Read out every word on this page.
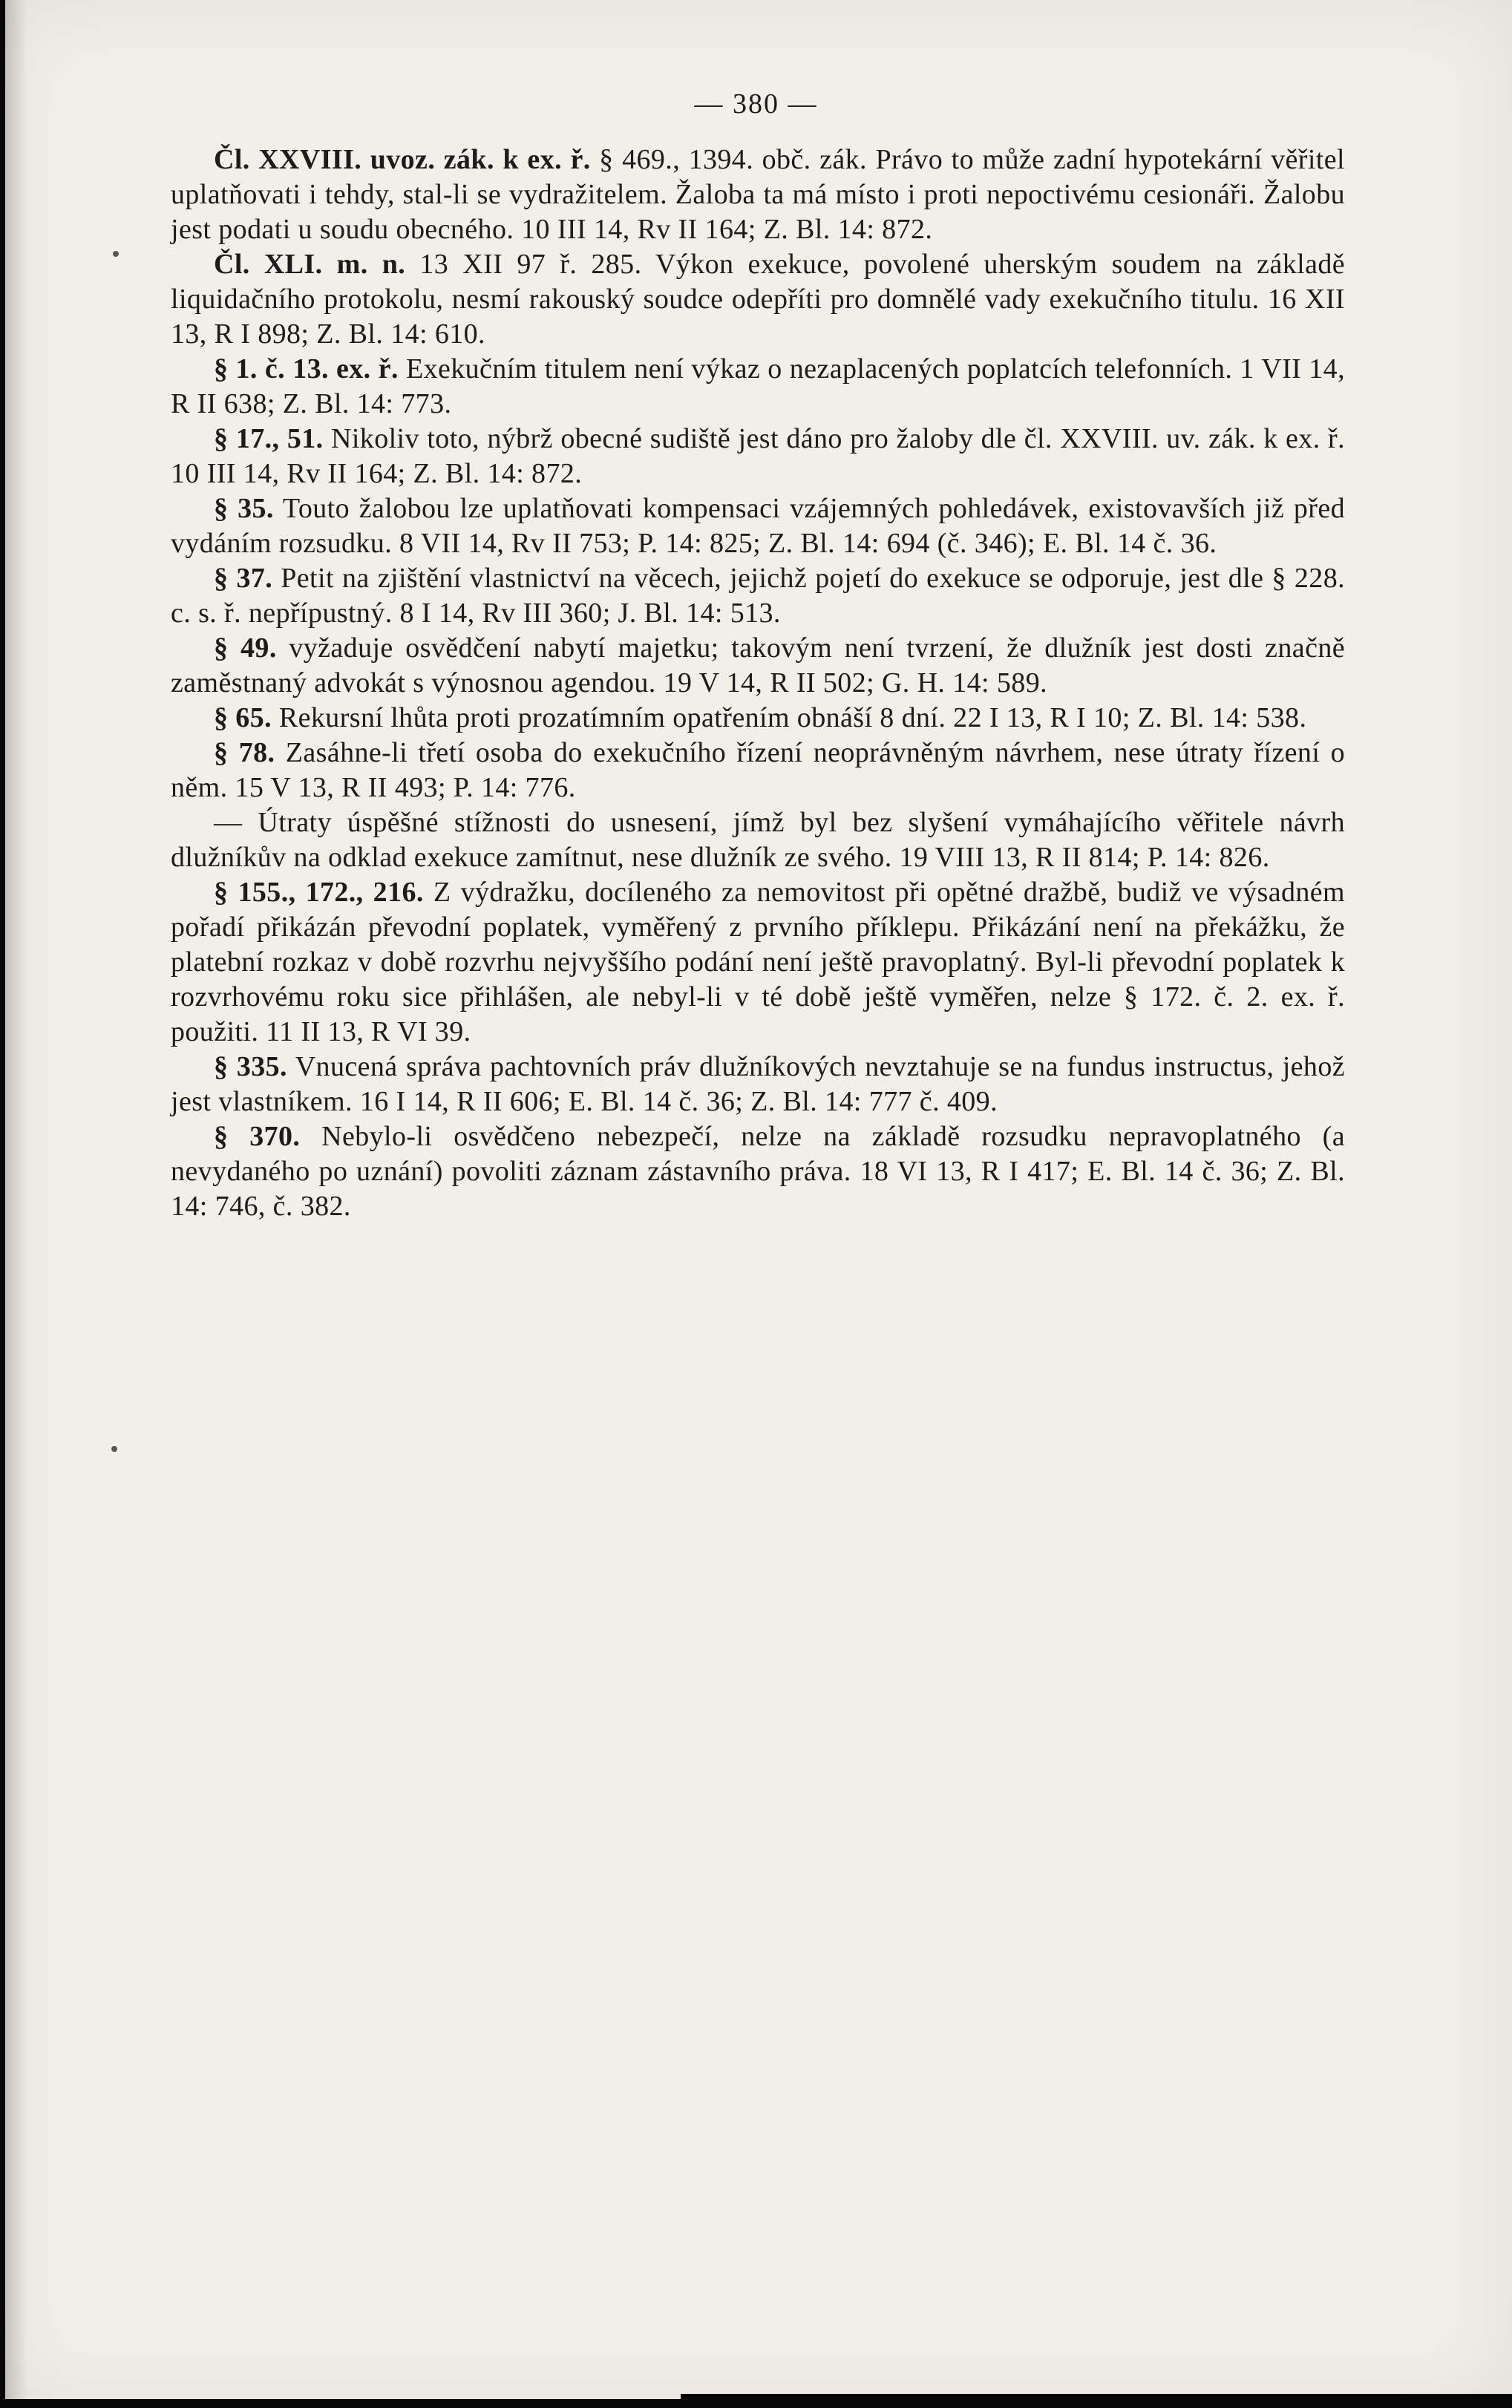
— 380 —

Čl. XXVIII. uvoz. zák. k ex. ř. § 469., 1394. obč. zák. Právo to může zadní hypotekární věřitel uplatňovati i tehdy, stal-li se vydražitelem. Žaloba ta má místo i proti nepoctivému cesionáři. Žalobu jest podati u soudu obecného. 10 III 14, Rv II 164; Z. Bl. 14: 872.

Čl. XLI. m. n. 13 XII 97 ř. 285. Výkon exekuce, povolené uherským soudem na základě liquidačního protokolu, nesmí rakouský soudce odepříti pro domnělé vady exekučního titulu. 16 XII 13, R I 898; Z. Bl. 14: 610.

§ 1. č. 13. ex. ř. Exekučním titulem není výkaz o nezaplacených poplatcích telefonních. 1 VII 14, R II 638; Z. Bl. 14: 773.

§ 17., 51. Nikoliv toto, nýbrž obecné sudiště jest dáno pro žaloby dle čl. XXVIII. uv. zák. k ex. ř. 10 III 14, Rv II 164; Z. Bl. 14: 872.

§ 35. Touto žalobou lze uplatňovati kompensaci vzájemných pohledávek, existovavších již před vydáním rozsudku. 8 VII 14, Rv II 753; P. 14: 825; Z. Bl. 14: 694 (č. 346); E. Bl. 14 č. 36.

§ 37. Petit na zjištění vlastnictví na věcech, jejichž pojetí do exekuce se odporuje, jest dle § 228. c. s. ř. nepřípustný. 8 I 14, Rv III 360; J. Bl. 14: 513.

§ 49. vyžaduje osvědčení nabytí majetku; takovým není tvrzení, že dlužník jest dosti značně zaměstnaný advokát s výnosnou agendou. 19 V 14, R II 502; G. H. 14: 589.

§ 65. Rekursní lhůta proti prozatímním opatřením obnáší 8 dní. 22 I 13, R I 10; Z. Bl. 14: 538.

§ 78. Zasáhne-li třetí osoba do exekučního řízení neoprávněným návrhem, nese útraty řízení o něm. 15 V 13, R II 493; P. 14: 776.

— Útraty úspěšné stížnosti do usnesení, jímž byl bez slyšení vymáhajícího věřitele návrh dlužníkův na odklad exekuce zamítnut, nese dlužník ze svého. 19 VIII 13, R II 814; P. 14: 826.

§ 155., 172., 216. Z výdražku, docíleného za nemovitost při opětné dražbě, budiž ve výsadném pořadí přikázán převodní poplatek, vyměřený z prvního příklepu. Přikázání není na překážku, že platební rozkaz v době rozvrhu nejvyššího podání není ještě pravoplatný. Byl-li převodní poplatek k rozvrhovému roku sice přihlášen, ale nebyl-li v té době ještě vyměřen, nelze § 172. č. 2. ex. ř. použiti. 11 II 13, R VI 39.

§ 335. Vnucená správa pachtovních práv dlužníkových nevztahuje se na fundus instructus, jehož jest vlastníkem. 16 I 14, R II 606; E. Bl. 14 č. 36; Z. Bl. 14: 777 č. 409.

§ 370. Nebylo-li osvědčeno nebezpečí, nelze na základě rozsudku nepravoplatného (a nevydaného po uznání) povoliti záznam zástavního práva. 18 VI 13, R I 417; E. Bl. 14 č. 36; Z. Bl. 14: 746, č. 382.
